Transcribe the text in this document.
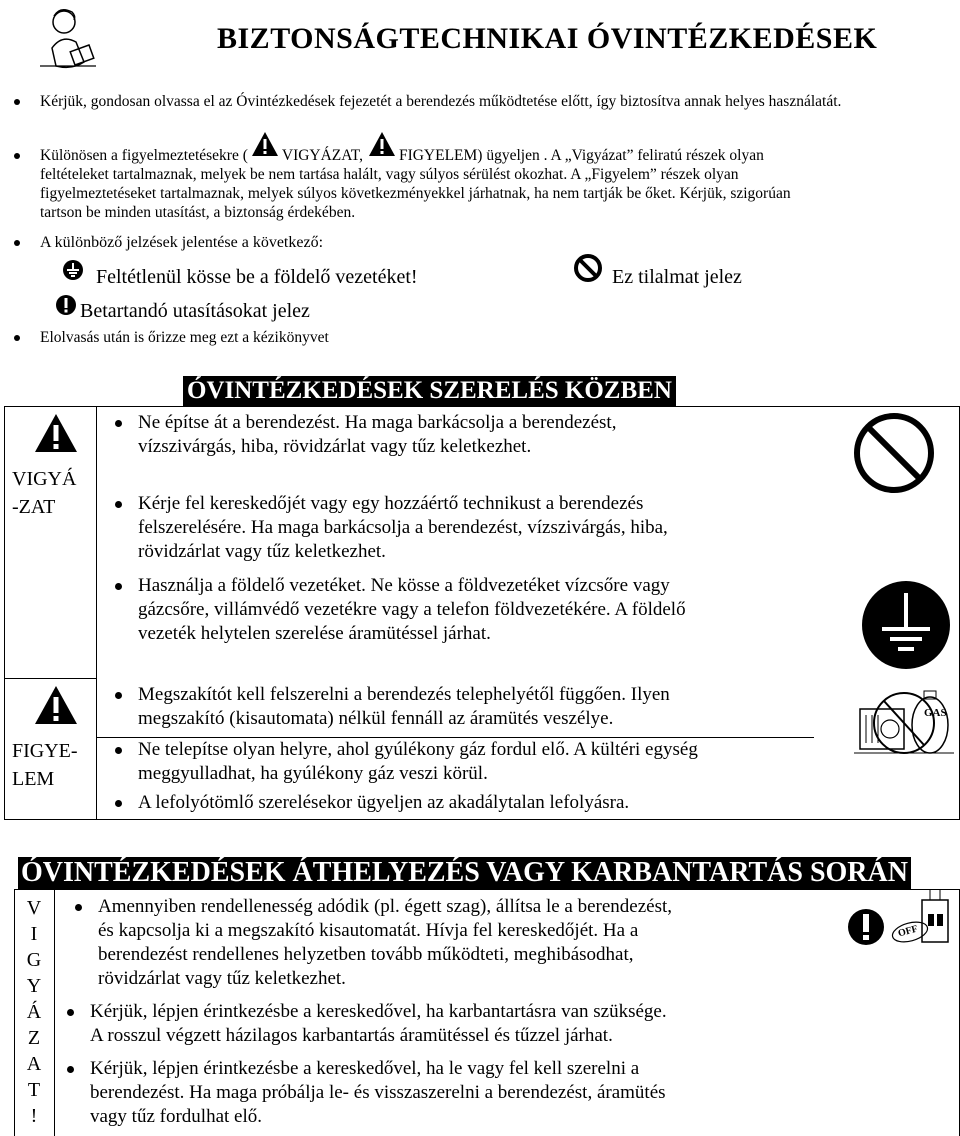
BIZTONSÁGTECHNIKAI ÓVINTÉZKEDÉSEK
Kérjük, gondosan olvassa el az Óvintézkedések fejezetét a berendezés működtetése előtt, így biztosítva annak helyes használatát.
Különösen a figyelmeztetésekre ( VIGYÁZAT, FIGYELEM) ügyeljen . A „Vigyázat” feliratú részek olyan
feltételeket tartalmaznak, melyek be nem tartása halált, vagy súlyos sérülést okozhat. A „Figyelem” részek olyan
figyelmeztetéseket tartalmaznak, melyek súlyos következményekkel járhatnak, ha nem tartják be őket. Kérjük, szigorúan
tartson be minden utasítást, a biztonság érdekében.
A különböző jelzések jelentése a következő:
Feltétlenül kösse be a földelő vezetéket!	Ez tilalmat jelez
Betartandó utasításokat jelez
Elolvasás után is őrizze meg ezt a kézikönyvet
ÓVINTÉZKEDÉSEK SZERELÉS KÖZBEN
VIGYÁ
-ZAT
Ne építse át a berendezést. Ha maga barkácsolja a berendezést,
vízszivárgás, hiba, rövidzárlat vagy tűz keletkezhet.
Kérje fel kereskedőjét vagy egy hozzáértő technikust a berendezés
felszerelésére. Ha maga barkácsolja a berendezést, vízszivárgás, hiba,
rövidzárlat vagy tűz keletkezhet.
Használja a földelő vezetéket. Ne kösse a földvezetéket vízcsőre vagy
gázcsőre, villámvédő vezetékre vagy a telefon földvezetékére. A földelő
vezeték helytelen szerelése áramütéssel járhat.
FIGYE-
LEM
Megszakítót kell felszerelni a berendezés telephelyétől függően. Ilyen
megszakító (kisautomata) nélkül fennáll az áramütés veszélye.
Ne telepítse olyan helyre, ahol gyúlékony gáz fordul elő. A kültéri egység
meggyulladhat, ha gyúlékony gáz veszi körül.
A lefolyótömlő szerelésekor ügyeljen az akadálytalan lefolyásra.
GAS
ÓVINTÉZKEDÉSEK ÁTHELYEZÉS VAGY KARBANTARTÁS SORÁN
V
I
G
Y
Á
Z
A
T
!
Amennyiben rendellenesség adódik (pl. égett szag), állítsa le a berendezést,
és kapcsolja ki a megszakító kisautomatát. Hívja fel kereskedőjét. Ha a
berendezést rendellenes helyzetben tovább működteti, meghibásodhat,
rövidzárlat vagy tűz keletkezhet.
Kérjük, lépjen érintkezésbe a kereskedővel, ha karbantartásra van szüksége.
A rosszul végzett házilagos karbantartás áramütéssel és tűzzel járhat.
Kérjük, lépjen érintkezésbe a kereskedővel, ha le vagy fel kell szerelni a
berendezést. Ha maga próbálja le- és visszaszerelni a berendezést, áramütés
vagy tűz fordulhat elő.
OFF
